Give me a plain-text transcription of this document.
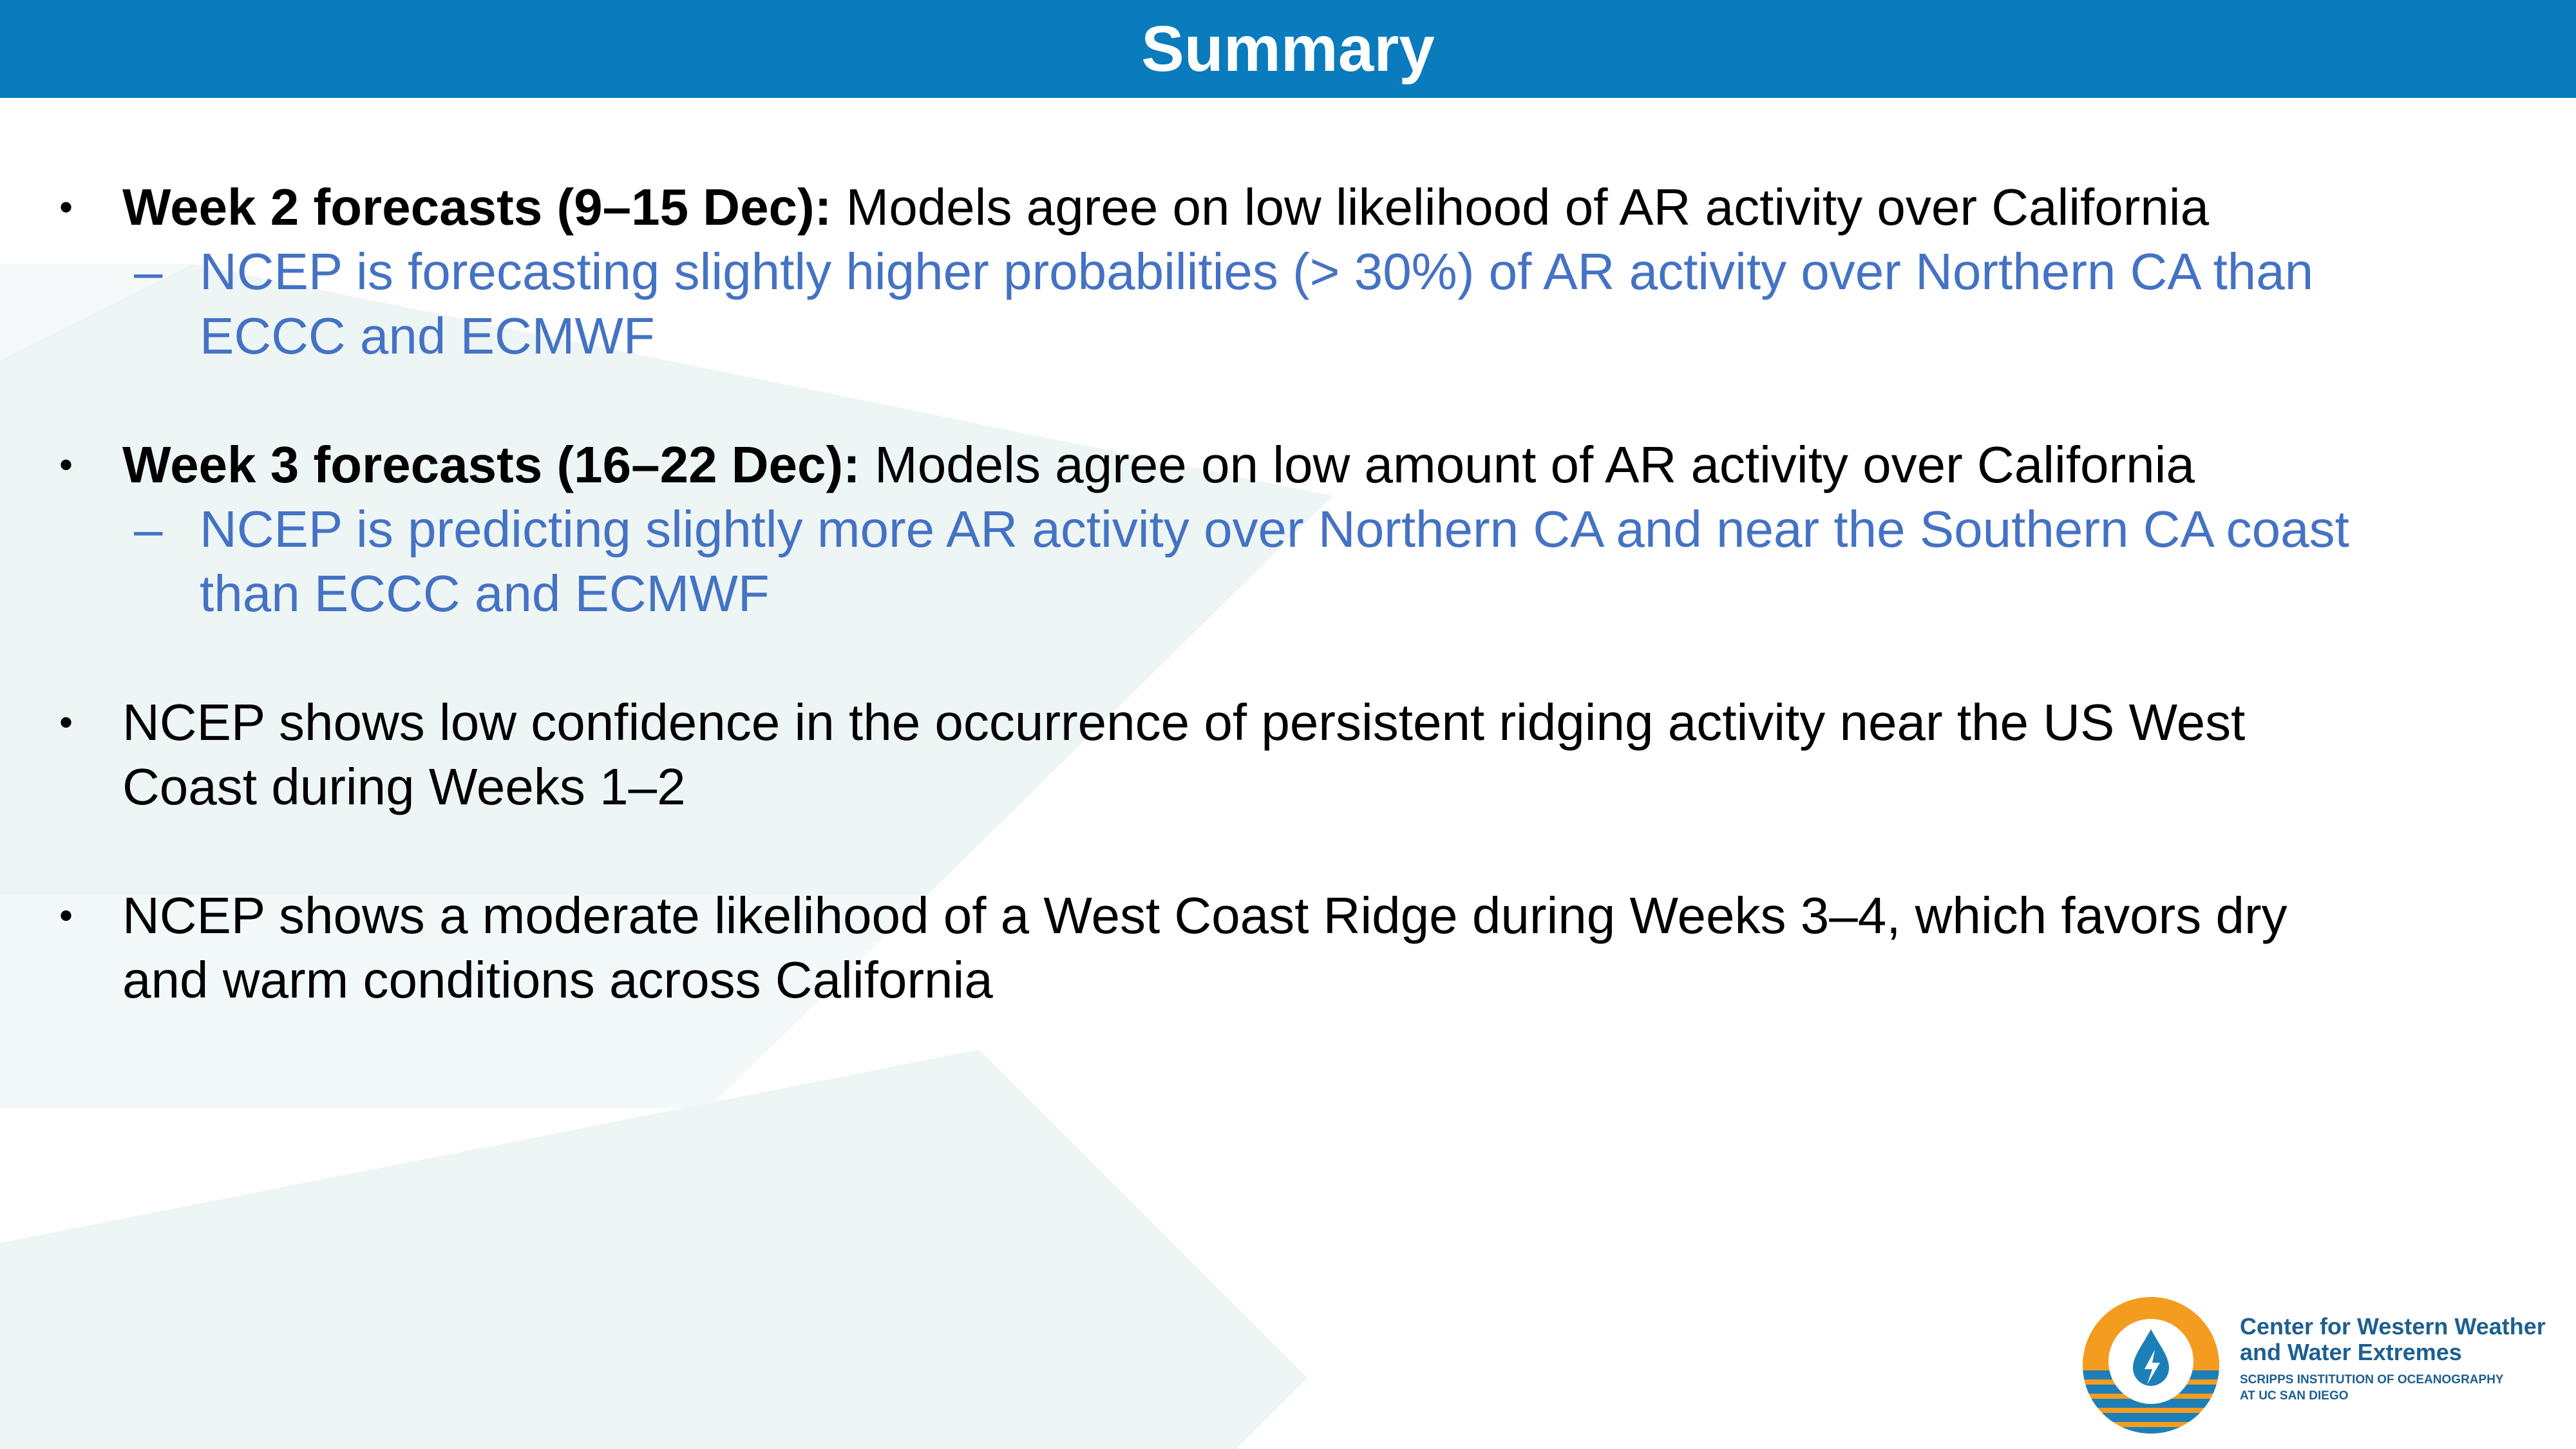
Summary
• Week 2 forecasts (9–15 Dec): Models agree on low likelihood of AR activity over California
– NCEP is forecasting slightly higher probabilities (> 30%) of AR activity over Northern CA than
ECCC and ECMWF
• Week 3 forecasts (16–22 Dec): Models agree on low amount of AR activity over California
– NCEP is predicting slightly more AR activity over Northern CA and near the Southern CA coast
than ECCC and ECMWF
• NCEP shows low confidence in the occurrence of persistent ridging activity near the US West
Coast during Weeks 1–2
• NCEP shows a moderate likelihood of a West Coast Ridge during Weeks 3–4, which favors dry
and warm conditions across California
Center for Western Weather
and Water Extremes
SCRIPPS INSTITUTION OF OCEANOGRAPHY
AT UC SAN DIEGO
